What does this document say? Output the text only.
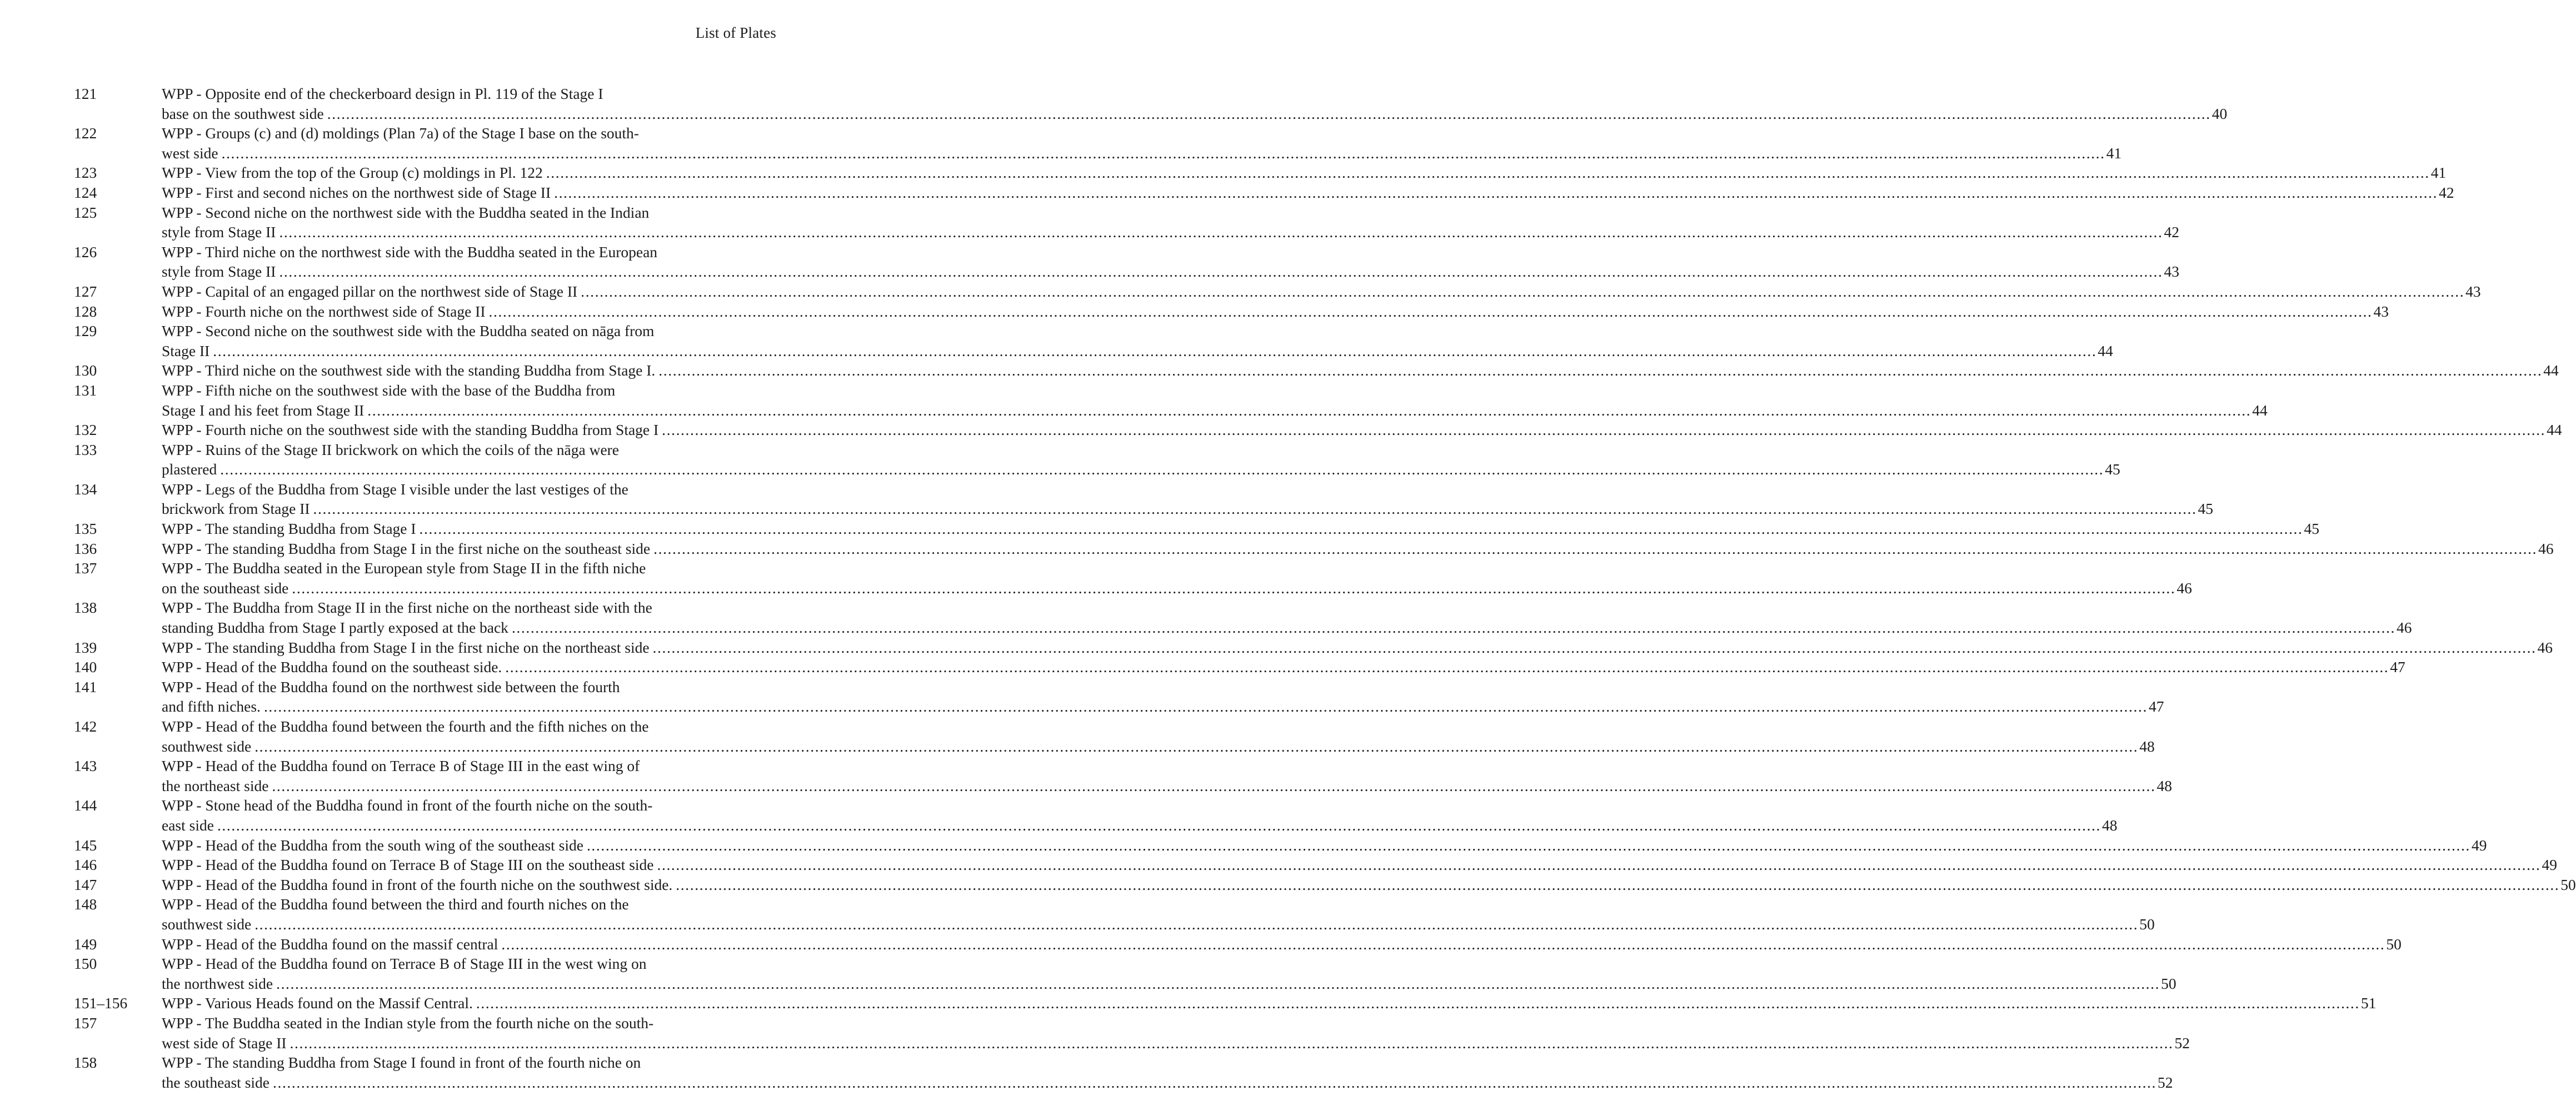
List of Plates
121	WPP - Opposite end of the checkerboard design in Pl. 119 of the Stage I
base on the southwest side ................................................................................................................................................................................................................................................................................................................................................................................................................ 40
122	WPP - Groups (c) and (d) moldings (Plan 7a) of the Stage I base on the south-
west side ................................................................................................................................................................................................................................................................................................................................................................................................................ 41
123	WPP - View from the top of the Group (c) moldings in Pl. 122 ................................................................................................................................................................................................................................................................................................................................................................................................................ 41
124	WPP - First and second niches on the northwest side of Stage II ................................................................................................................................................................................................................................................................................................................................................................................................................ 42
125	WPP - Second niche on the northwest side with the Buddha seated in the Indian
style from Stage II ................................................................................................................................................................................................................................................................................................................................................................................................................ 42
126	WPP - Third niche on the northwest side with the Buddha seated in the European
style from Stage II ................................................................................................................................................................................................................................................................................................................................................................................................................ 43
127	WPP - Capital of an engaged pillar on the northwest side of Stage II ................................................................................................................................................................................................................................................................................................................................................................................................................ 43
128	WPP - Fourth niche on the northwest side of Stage II ................................................................................................................................................................................................................................................................................................................................................................................................................ 43
129	WPP - Second niche on the southwest side with the Buddha seated on nāga from
Stage II ................................................................................................................................................................................................................................................................................................................................................................................................................ 44
130	WPP - Third niche on the southwest side with the standing Buddha from Stage I. ................................................................................................................................................................................................................................................................................................................................................................................................................ 44
131	WPP - Fifth niche on the southwest side with the base of the Buddha from
Stage I and his feet from Stage II ................................................................................................................................................................................................................................................................................................................................................................................................................ 44
132	WPP - Fourth niche on the southwest side with the standing Buddha from Stage I ................................................................................................................................................................................................................................................................................................................................................................................................................ 44
133	WPP - Ruins of the Stage II brickwork on which the coils of the nāga were
plastered ................................................................................................................................................................................................................................................................................................................................................................................................................ 45
134	WPP - Legs of the Buddha from Stage I visible under the last vestiges of the
brickwork from Stage II ................................................................................................................................................................................................................................................................................................................................................................................................................ 45
135	WPP - The standing Buddha from Stage I ................................................................................................................................................................................................................................................................................................................................................................................................................ 45
136	WPP - The standing Buddha from Stage I in the first niche on the southeast side ................................................................................................................................................................................................................................................................................................................................................................................................................ 46
137	WPP - The Buddha seated in the European style from Stage II in the fifth niche
on the southeast side ................................................................................................................................................................................................................................................................................................................................................................................................................ 46
138	WPP - The Buddha from Stage II in the first niche on the northeast side with the
standing Buddha from Stage I partly exposed at the back ................................................................................................................................................................................................................................................................................................................................................................................................................ 46
139	WPP - The standing Buddha from Stage I in the first niche on the northeast side ................................................................................................................................................................................................................................................................................................................................................................................................................ 46
140	WPP - Head of the Buddha found on the southeast side. ................................................................................................................................................................................................................................................................................................................................................................................................................ 47
141	WPP - Head of the Buddha found on the northwest side between the fourth
and fifth niches. ................................................................................................................................................................................................................................................................................................................................................................................................................ 47
142	WPP - Head of the Buddha found between the fourth and the fifth niches on the
southwest side ................................................................................................................................................................................................................................................................................................................................................................................................................ 48
143	WPP - Head of the Buddha found on Terrace B of Stage III in the east wing of
the northeast side ................................................................................................................................................................................................................................................................................................................................................................................................................ 48
144	WPP - Stone head of the Buddha found in front of the fourth niche on the south-
east side ................................................................................................................................................................................................................................................................................................................................................................................................................ 48
145	WPP - Head of the Buddha from the south wing of the southeast side ................................................................................................................................................................................................................................................................................................................................................................................................................ 49
146	WPP - Head of the Buddha found on Terrace B of Stage III on the southeast side ................................................................................................................................................................................................................................................................................................................................................................................................................ 49
147	WPP - Head of the Buddha found in front of the fourth niche on the southwest side. ................................................................................................................................................................................................................................................................................................................................................................................................................ 50
148	WPP - Head of the Buddha found between the third and fourth niches on the
southwest side ................................................................................................................................................................................................................................................................................................................................................................................................................ 50
149	WPP - Head of the Buddha found on the massif central ................................................................................................................................................................................................................................................................................................................................................................................................................ 50
150	WPP - Head of the Buddha found on Terrace B of Stage III in the west wing on
the northwest side ................................................................................................................................................................................................................................................................................................................................................................................................................ 50
151–156	WPP - Various Heads found on the Massif Central. ................................................................................................................................................................................................................................................................................................................................................................................................................ 51
157	WPP - The Buddha seated in the Indian style from the fourth niche on the south-
west side of Stage II ................................................................................................................................................................................................................................................................................................................................................................................................................ 52
158	WPP - The standing Buddha from Stage I found in front of the fourth niche on
the southeast side ................................................................................................................................................................................................................................................................................................................................................................................................................ 52
